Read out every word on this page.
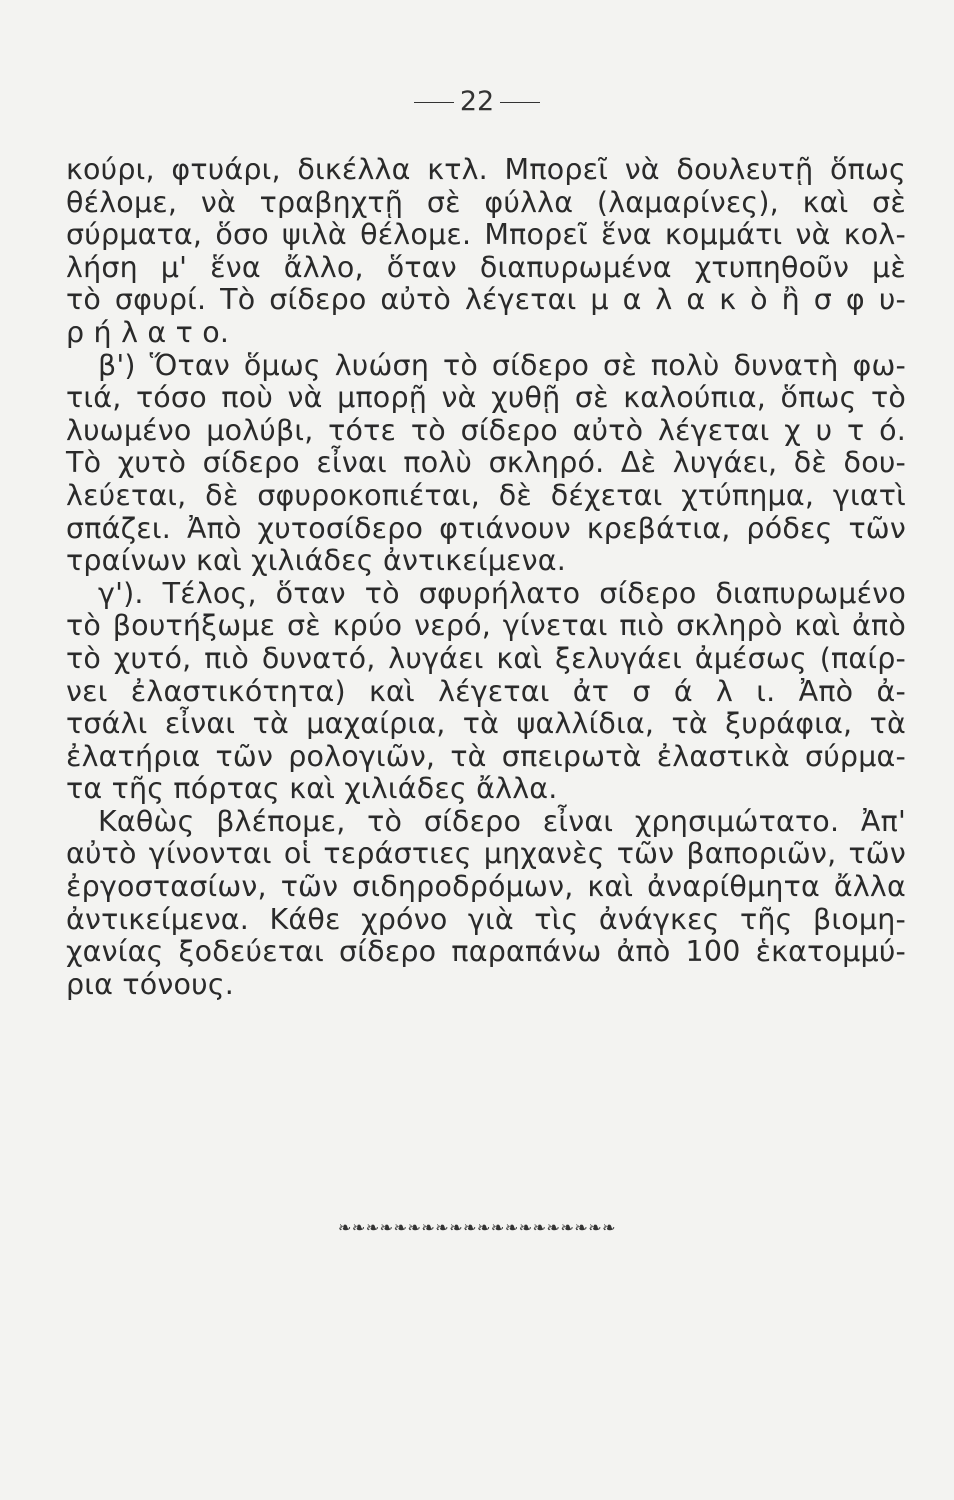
22
κούρι, φτυάρι, δικέλλα κτλ. Μπορεῖ νὰ δουλευτῇ ὅπως
θέλομε, νὰ τραβηχτῇ σὲ φύλλα (λαμαρίνες), καὶ σὲ
σύρματα, ὅσο ψιλὰ θέλομε. Μπορεῖ ἕνα κομμάτι νὰ κολ-
λήση μ' ἕνα ἄλλο, ὅταν διαπυρωμένα χτυπηθοῦν μὲ
τὸ σφυρί. Τὸ σίδερο αὐτὸ λέγεται μ α λ α κ ὸ ἢ σ φ υ-
ρ ή λ α τ ο.
β') Ὅταν ὅμως λυώση τὸ σίδερο σὲ πολὺ δυνατὴ φω-
τιά, τόσο ποὺ νὰ μπορῇ νὰ χυθῇ σὲ καλούπια, ὅπως τὸ
λυωμένο μολύβι, τότε τὸ σίδερο αὐτὸ λέγεται χ υ τ ό.
Τὸ χυτὸ σίδερο εἶναι πολὺ σκληρό. Δὲ λυγάει, δὲ δου-
λεύεται, δὲ σφυροκοπιέται, δὲ δέχεται χτύπημα, γιατὶ
σπάζει. Ἀπὸ χυτοσίδερο φτιάνουν κρεβάτια, ρόδες τῶν
τραίνων καὶ χιλιάδες ἀντικείμενα.
γ'). Τέλος, ὅταν τὸ σφυρήλατο σίδερο διαπυρωμένο
τὸ βουτήξωμε σὲ κρύο νερό, γίνεται πιὸ σκληρὸ καὶ ἀπὸ
τὸ χυτό, πιὸ δυνατό, λυγάει καὶ ξελυγάει ἀμέσως (παίρ-
νει ἐλαστικότητα) καὶ λέγεται ἀτ σ ά λ ι. Ἀπὸ ἀ-
τσάλι εἶναι τὰ μαχαίρια, τὰ ψαλλίδια, τὰ ξυράφια, τὰ
ἐλατήρια τῶν ρολογιῶν, τὰ σπειρωτὰ ἐλαστικὰ σύρμα-
τα τῆς πόρτας καὶ χιλιάδες ἄλλα.
Καθὼς βλέπομε, τὸ σίδερο εἶναι χρησιμώτατο. Ἀπ'
αὐτὸ γίνονται οἱ τεράστιες μηχανὲς τῶν βαποριῶν, τῶν
ἐργοστασίων, τῶν σιδηροδρόμων, καὶ ἀναρίθμητα ἄλλα
ἀντικείμενα. Κάθε χρόνο γιὰ τὶς ἀνάγκες τῆς βιομη-
χανίας ξοδεύεται σίδερο παραπάνω ἀπὸ 100 ἑκατομμύ-
ρια τόνους.
❧❧❧❧❧❧❧❧❧❧❧❧❧❧❧❧❧❧❧❧
